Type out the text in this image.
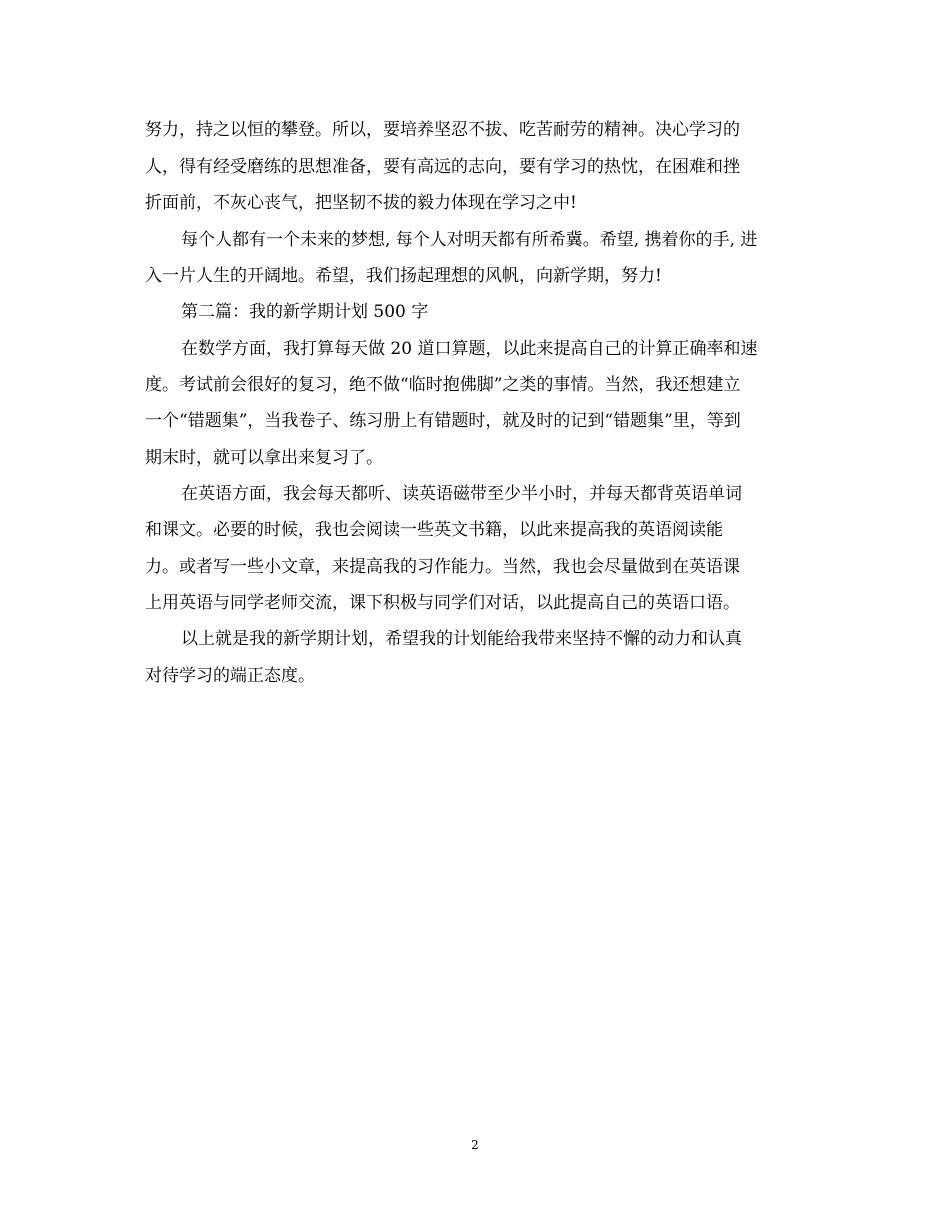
努力，持之以恒的攀登。所以，要培养坚忍不拔、吃苦耐劳的精神。决心学习的
人，得有经受磨练的思想准备，要有高远的志向，要有学习的热忱，在困难和挫
折面前，不灰心丧气，把坚韧不拔的毅力体现在学习之中!
每个人都有一个未来的梦想, 每个人对明天都有所希冀。希望, 携着你的手, 进
入一片人生的开阔地。希望，我们扬起理想的风帆，向新学期，努力!
第二篇：我的新学期计划 500 字
在数学方面，我打算每天做 20 道口算题，以此来提高自己的计算正确率和速
度。考试前会很好的复习，绝不做“临时抱佛脚”之类的事情。当然，我还想建立
一个“错题集”，当我卷子、练习册上有错题时，就及时的记到“错题集”里，等到
期末时，就可以拿出来复习了。
在英语方面，我会每天都听、读英语磁带至少半小时，并每天都背英语单词
和课文。必要的时候，我也会阅读一些英文书籍，以此来提高我的英语阅读能
力。或者写一些小文章，来提高我的习作能力。当然，我也会尽量做到在英语课
上用英语与同学老师交流，课下积极与同学们对话，以此提高自己的英语口语。
以上就是我的新学期计划，希望我的计划能给我带来坚持不懈的动力和认真
对待学习的端正态度。
2
